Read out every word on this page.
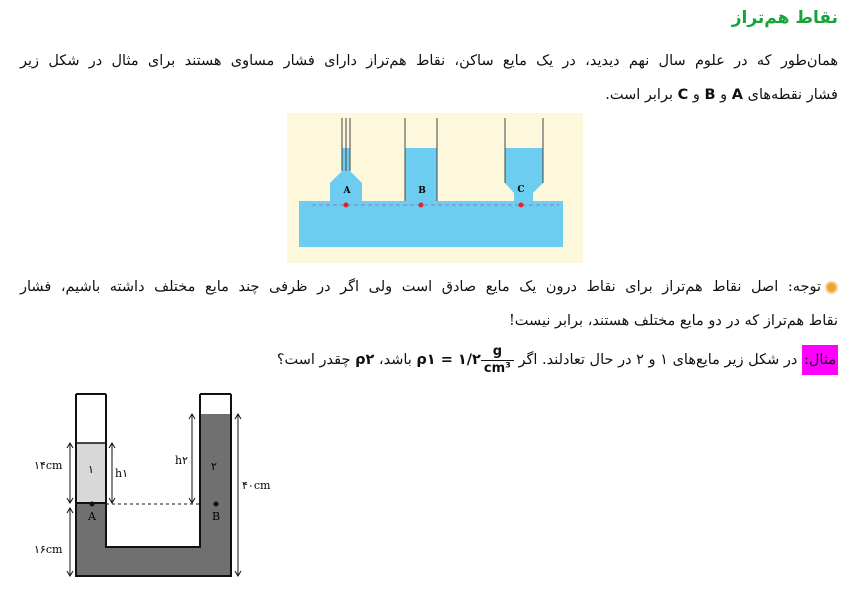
نقاط هم‌تراز
همان‌طور که در علوم سال نهم دیدید، در یک مایع ساکن، نقاط هم‌تراز دارای فشار مساوی هستند برای مثال در شکل زیر
فشار نقطه‌های A و B و C برابر است.
A	B	C
توجه: اصل نقاط هم‌تراز برای نقاط درون یک مایع صادق است ولی اگر در ظرفی چند مایع مختلف داشته باشیم، فشار
نقاط هم‌تراز که در دو مایع مختلف هستند، برابر نیست!
مثال: در شکل زیر مایع‌های ۱ و ۲ در حال تعادلند. اگر ρ۱ = ۱/۲ $\frac{g}{\text{cm³}}$
باشد، ρ۲ چقدر است؟
A	B
۱	۲
h۱
h۲
۱۴cm
۱۶cm
۴۰cm
